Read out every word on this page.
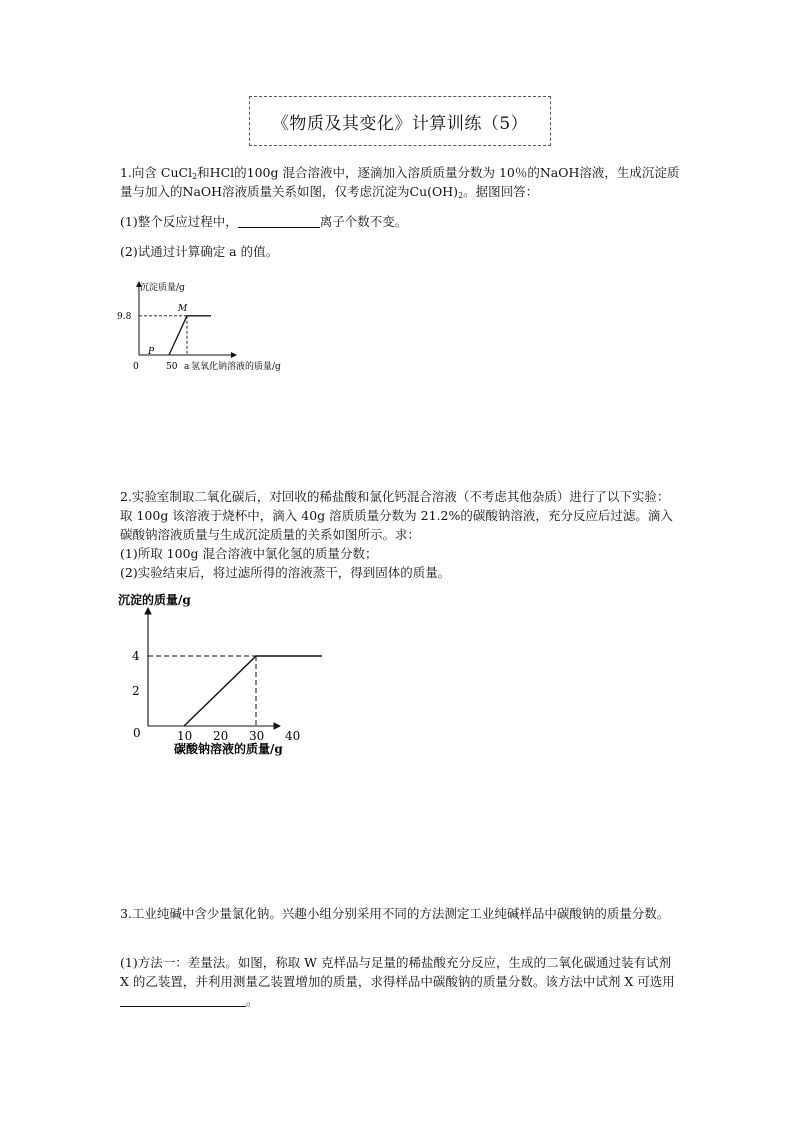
《物质及其变化》计算训练（5）

1.向含 CuCl$_2$和HCl的100g 混合溶液中，逐滴加入溶质质量分数为 10％的NaOH溶液，生成沉淀质量与加入的NaOH溶液质量关系如图，仅考虑沉淀为$Cu(OH)_2$。据图回答：

(1)整个反应过程中，	离子个数不变。

(2)试通过计算确定 a 的值。

0	50 a
9.8
沉淀质量/g
氢氧化钠溶液的质量/g
M
P

2.实验室制取二氧化碳后，对回收的稀盐酸和氯化钙混合溶液（不考虑其他杂质）进行了以下实验：取 100g 该溶液于烧杯中，滴入 40g 溶质质量分数为 21.2%的碳酸钠溶液，充分反应后过滤。滴入碳酸钠溶液质量与生成沉淀质量的关系如图所示。求：

(1)所取 100g 混合溶液中氯化氢的质量分数；

(2)实验结束后，将过滤所得的溶液蒸干，得到固体的质量。

10 20 30 40
2
4
沉淀的质量/g
碳酸钠溶液的质量/g
0

3.工业纯碱中含少量氯化钠。兴趣小组分别采用不同的方法测定工业纯碱样品中碳酸钠的质量分数。

(1)方法一：差量法。如图，称取 W 克样品与足量的稀盐酸充分反应，生成的二氧化碳通过装有试剂 X 的乙装置，并利用测量乙装置增加的质量，求得样品中碳酸钠的质量分数。该方法中试剂 X 可选用。
